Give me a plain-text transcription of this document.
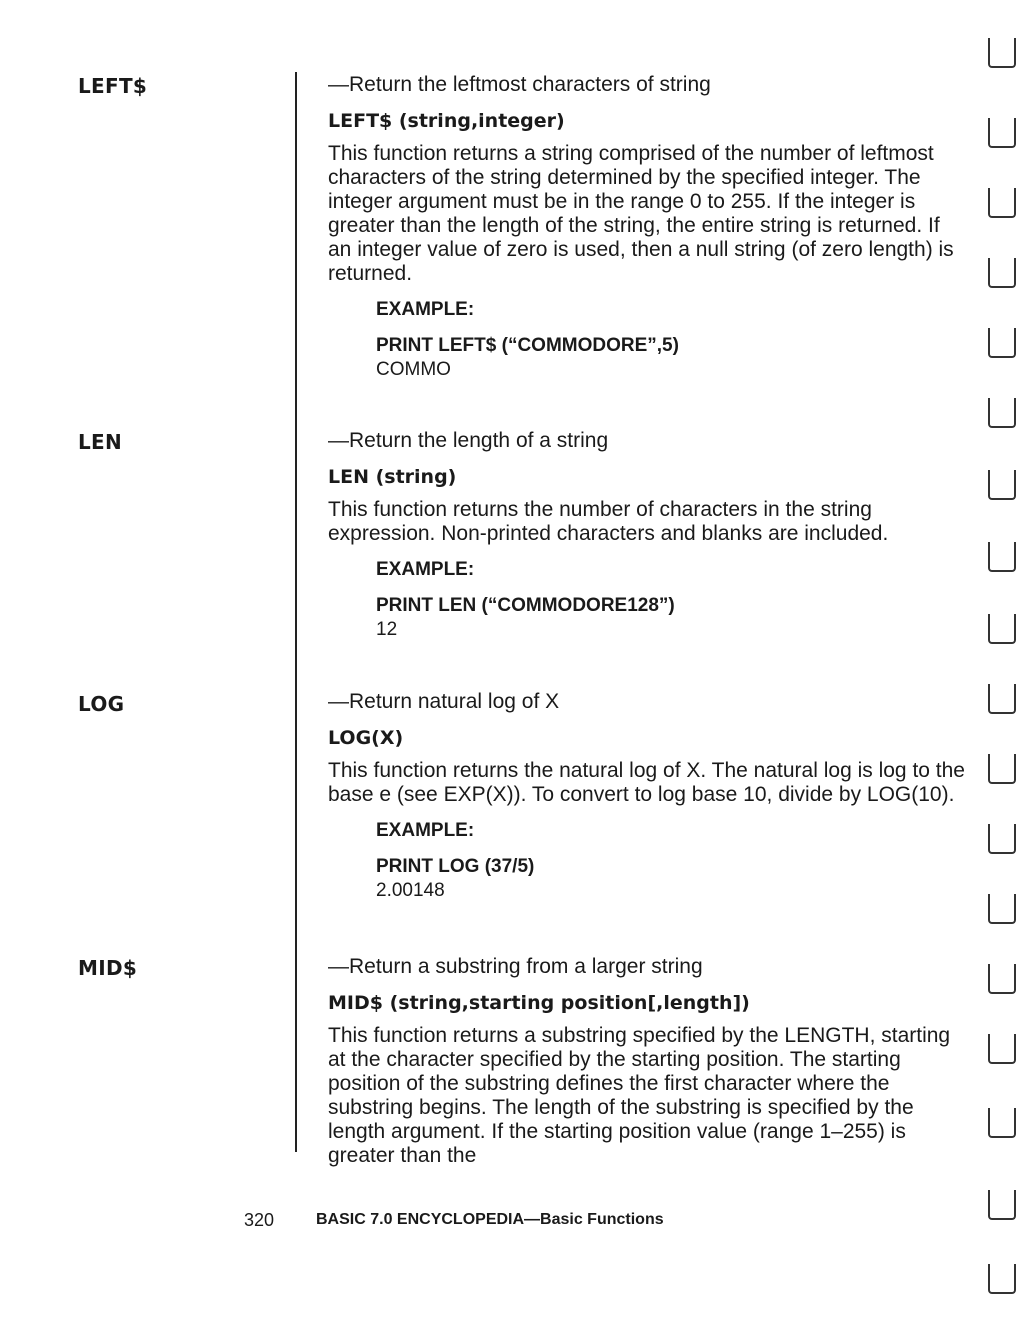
LEFT$
LEN
LOG
MID$

—Return the leftmost characters of string

LEFT$ (string,integer)

This function returns a string comprised of the number of leftmost characters of the string determined by the specified integer. The integer argument must be in the range 0 to 255. If the integer is greater than the length of the string, the entire string is returned. If an integer value of zero is used, then a null string (of zero length) is returned.

EXAMPLE:

PRINT LEFT$ (“COMMODORE”,5)

COMMO

—Return the length of a string

LEN (string)

This function returns the number of characters in the string expression. Non-printed characters and blanks are included.

EXAMPLE:

PRINT LEN (“COMMODORE128”)

12

—Return natural log of X

LOG(X)

This function returns the natural log of X. The natural log is log to the base e (see EXP(X)). To convert to log base 10, divide by LOG(10).

EXAMPLE:

PRINT LOG (37/5)

2.00148

—Return a substring from a larger string

MID$ (string,starting position[,length])

This function returns a substring specified by the LENGTH, starting at the character specified by the starting position. The starting position of the substring defines the first character where the substring begins. The length of the substring is specified by the length argument. If the starting position value (range 1–255) is greater than the

320	BASIC 7.0 ENCYCLOPEDIA—Basic Functions
